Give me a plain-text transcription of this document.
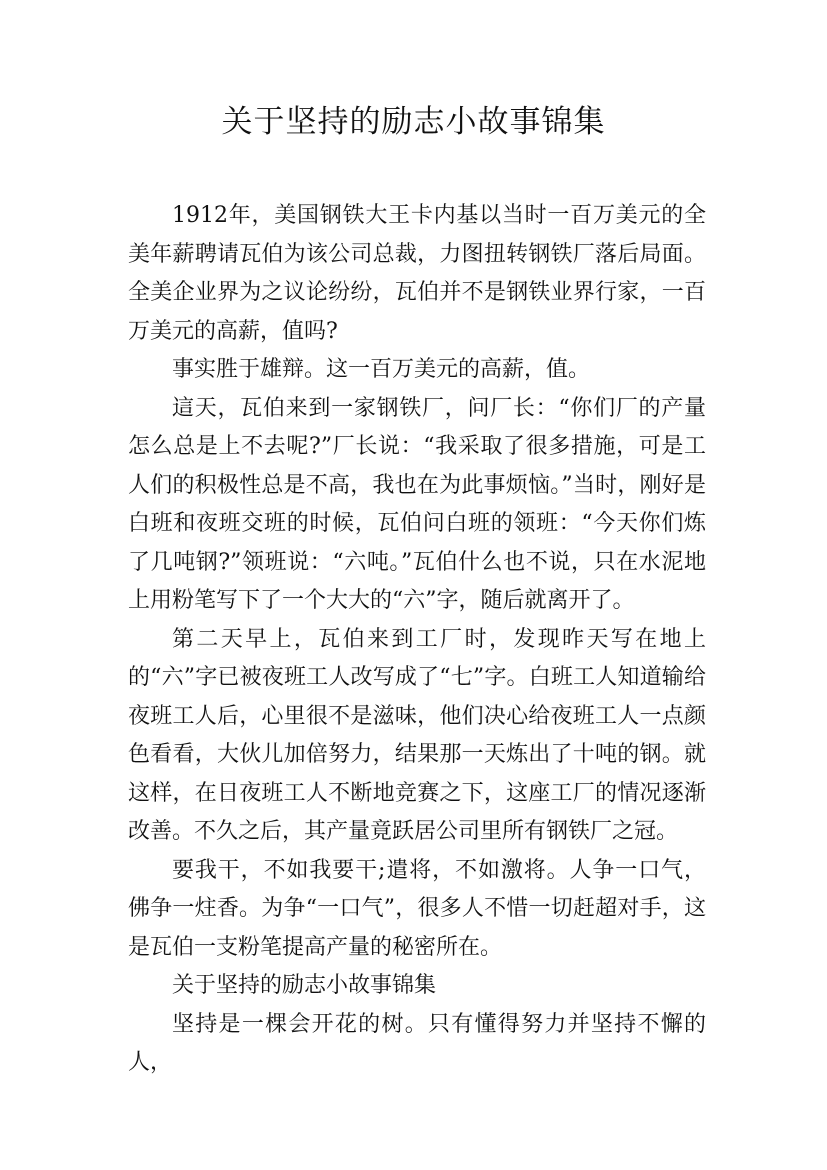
关于坚持的励志小故事锦集

1912年，美国钢铁大王卡内基以当时一百万美元的全美年薪聘请瓦伯为该公司总裁，力图扭转钢铁厂落后局面。全美企业界为之议论纷纷，瓦伯并不是钢铁业界行家，一百万美元的高薪，值吗?

事实胜于雄辩。这一百万美元的高薪，值。

這天，瓦伯来到一家钢铁厂，问厂长：“你们厂的产量怎么总是上不去呢?”厂长说：“我采取了很多措施，可是工人们的积极性总是不高，我也在为此事烦恼。”当时，刚好是白班和夜班交班的时候，瓦伯问白班的领班：“今天你们炼了几吨钢?”领班说：“六吨。”瓦伯什么也不说，只在水泥地上用粉笔写下了一个大大的“六”字，随后就离开了。

第二天早上，瓦伯来到工厂时，发现昨天写在地上的“六”字已被夜班工人改写成了“七”字。白班工人知道输给夜班工人后，心里很不是滋味，他们决心给夜班工人一点颜色看看，大伙儿加倍努力，结果那一天炼出了十吨的钢。就这样，在日夜班工人不断地竞赛之下，这座工厂的情况逐渐改善。不久之后，其产量竟跃居公司里所有钢铁厂之冠。

要我干，不如我要干;遣将，不如激将。人争一口气，佛争一炷香。为争“一口气”，很多人不惜一切赶超对手，这是瓦伯一支粉笔提高产量的秘密所在。

关于坚持的励志小故事锦集

坚持是一棵会开花的树。只有懂得努力并坚持不懈的人，
